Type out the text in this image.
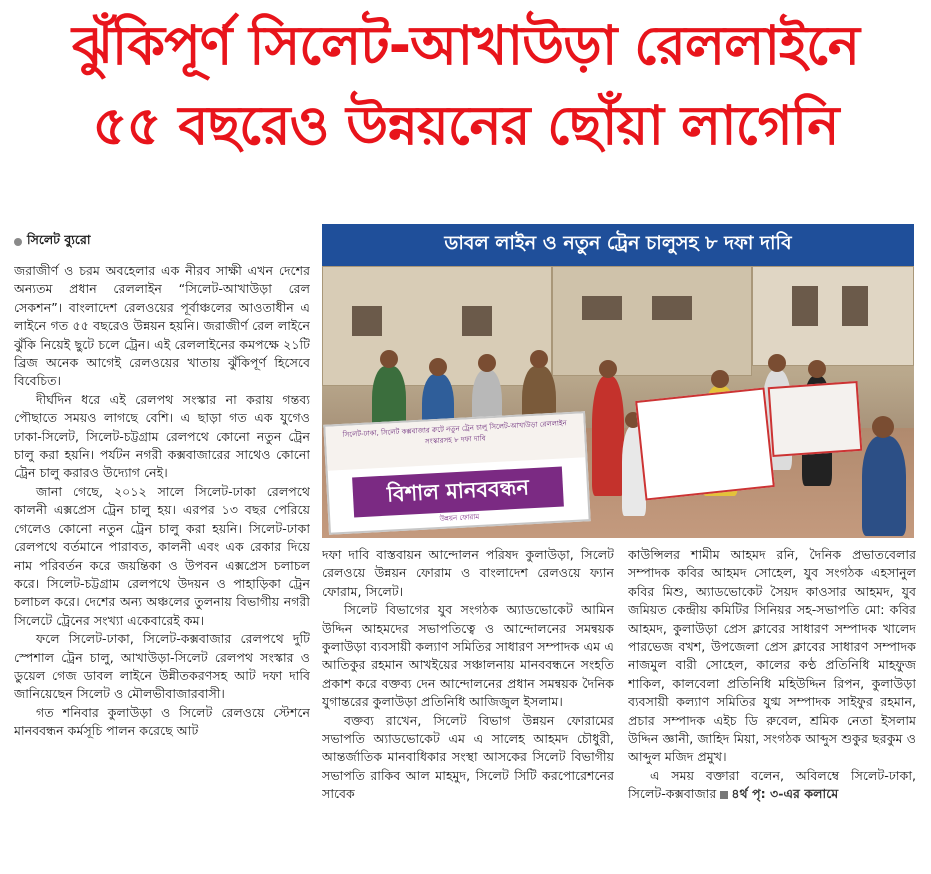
ঝুঁকিপূর্ণ সিলেট-আখাউড়া রেললাইনে
৫৫ বছরেও উন্নয়নের ছোঁয়া লাগেনি
সিলেট ব্যুরো

জরাজীর্ণ ও চরম অবহেলার এক নীরব সাক্ষী এখন দেশের অন্যতম প্রধান রেললাইন “সিলেট-আখাউড়া রেল সেকশন”। বাংলাদেশ রেলওয়ের পূর্বাঞ্চলের আওতাধীন এ লাইনে গত ৫৫ বছরেও উন্নয়ন হয়নি। জরাজীর্ণ রেল লাইনে ঝুঁকি নিয়েই ছুটে চলে ট্রেন। এই রেললাইনের কমপক্ষে ২১টি ব্রিজ অনেক আগেই রেলওয়ের খাতায় ঝুঁকিপূর্ণ হিসেবে বিবেচিত।

দীর্ঘদিন ধরে এই রেলপথ সংস্কার না করায় গন্তব্য পৌছাতে সময়ও লাগছে বেশি। এ ছাড়া গত এক যুগেও ঢাকা-সিলেট, সিলেট-চট্টগ্রাম রেলপথে কোনো নতুন ট্রেন চালু করা হয়নি। পর্যটন নগরী কক্সবাজারের সাথেও কোনো ট্রেন চালু করারও উদ্যোগ নেই।

জানা গেছে, ২০১২ সালে সিলেট-ঢাকা রেলপথে কালনী এক্সপ্রেস ট্রেন চালু হয়। এরপর ১৩ বছর পেরিয়ে গেলেও কোনো নতুন ট্রেন চালু করা হয়নি। সিলেট-ঢাকা রেলপথে বর্তমানে পারাবত, কালনী এবং এক রেকার দিয়ে নাম পরিবর্তন করে জয়ন্তিকা ও উপবন এক্সপ্রেস চলাচল করে। সিলেট-চট্টগ্রাম রেলপথে উদয়ন ও পাহাড়িকা ট্রেন চলাচল করে। দেশের অন্য অঞ্চলের তুলনায় বিভাগীয় নগরী সিলেটে ট্রেনের সংখ্যা একেবারেই কম।

ফলে সিলেট-ঢাকা, সিলেট-কক্সবাজার রেলপথে দুটি স্পেশাল ট্রেন চালু, আখাউড়া-সিলেট রেলপথ সংস্কার ও ডুয়েল গেজ ডাবল লাইনে উন্নীতকরণসহ আট দফা দাবি জানিয়েছেন সিলেট ও মৌলভীবাজারবাসী।

গত শনিবার কুলাউড়া ও সিলেট রেলওয়ে স্টেশনে মানববন্ধন কর্মসূচি পালন করেছে আট

ডাবল লাইন ও নতুন ট্রেন চালুসহ ৮ দফা দাবি
সিলেট-ঢাকা, সিলেট কক্সবাজার রুটে নতুন ট্রেন চালু সিলেট-আখাউড়া রেললাইন সংস্কারসহ ৮ দফা দাবি
বিশাল মানববন্ধন
উন্নয়ন ফোরাম

দফা দাবি বাস্তবায়ন আন্দোলন পরিষদ কুলাউড়া, সিলেট রেলওয়ে উন্নয়ন ফোরাম ও বাংলাদেশ রেলওয়ে ফ্যান ফোরাম, সিলেট।

সিলেট বিভাগের যুব সংগঠক অ্যাডভোকেট আমিন উদ্দিন আহমদের সভাপতিত্বে ও আন্দোলনের সমন্বয়ক কুলাউড়া ব্যবসায়ী কল্যাণ সমিতির সাধারণ সম্পাদক এম এ আতিকুর রহমান আখইয়ের সঞ্চালনায় মানববন্ধনে সংহতি প্রকাশ করে বক্তব্য দেন আন্দোলনের প্রধান সমন্বয়ক দৈনিক যুগান্তরের কুলাউড়া প্রতিনিধি আজিজুল ইসলাম।

বক্তব্য রাখেন, সিলেট বিভাগ উন্নয়ন ফোরামের সভাপতি অ্যাডভোকেট এম এ সালেহ আহমদ চৌধুরী, আন্তর্জাতিক মানবাধিকার সংস্থা আসকের সিলেট বিভাগীয় সভাপতি রাকিব আল মাহমুদ, সিলেট সিটি করপোরেশনের সাবেক

কাউন্সিলর শামীম আহমদ রনি, দৈনিক প্রভাতবেলার সম্পাদক কবির আহমদ সোহেল, যুব সংগঠক এহসানুল কবির মিশু, অ্যাডভোকেট সৈয়দ কাওসার আহমদ, যুব জমিয়ত কেন্দ্রীয় কমিটির সিনিয়র সহ-সভাপতি মো: কবির আহমদ, কুলাউড়া প্রেস ক্লাবের সাধারণ সম্পাদক খালেদ পারভেজ বখশ, উপজেলা প্রেস ক্লাবের সাধারণ সম্পাদক নাজমুল বারী সোহেল, কালের কণ্ঠ প্রতিনিধি মাহফুজ শাকিল, কালবেলা প্রতিনিধি মহিউদ্দিন রিপন, কুলাউড়া ব্যবসায়ী কল্যাণ সমিতির যুগ্ম সম্পাদক সাইফুর রহমান, প্রচার সম্পাদক এইচ ডি রুবেল, শ্রমিক নেতা ইসলাম উদ্দিন জ্ঞানী, জাহিদ মিয়া, সংগঠক আব্দুস শুকুর ছরকুম ও আব্দুল মজিদ প্রমুখ।

এ সময় বক্তারা বলেন, অবিলম্বে সিলেট-ঢাকা, সিলেট-কক্সবাজার ৪র্থ পৃ: ৩-এর কলামে
